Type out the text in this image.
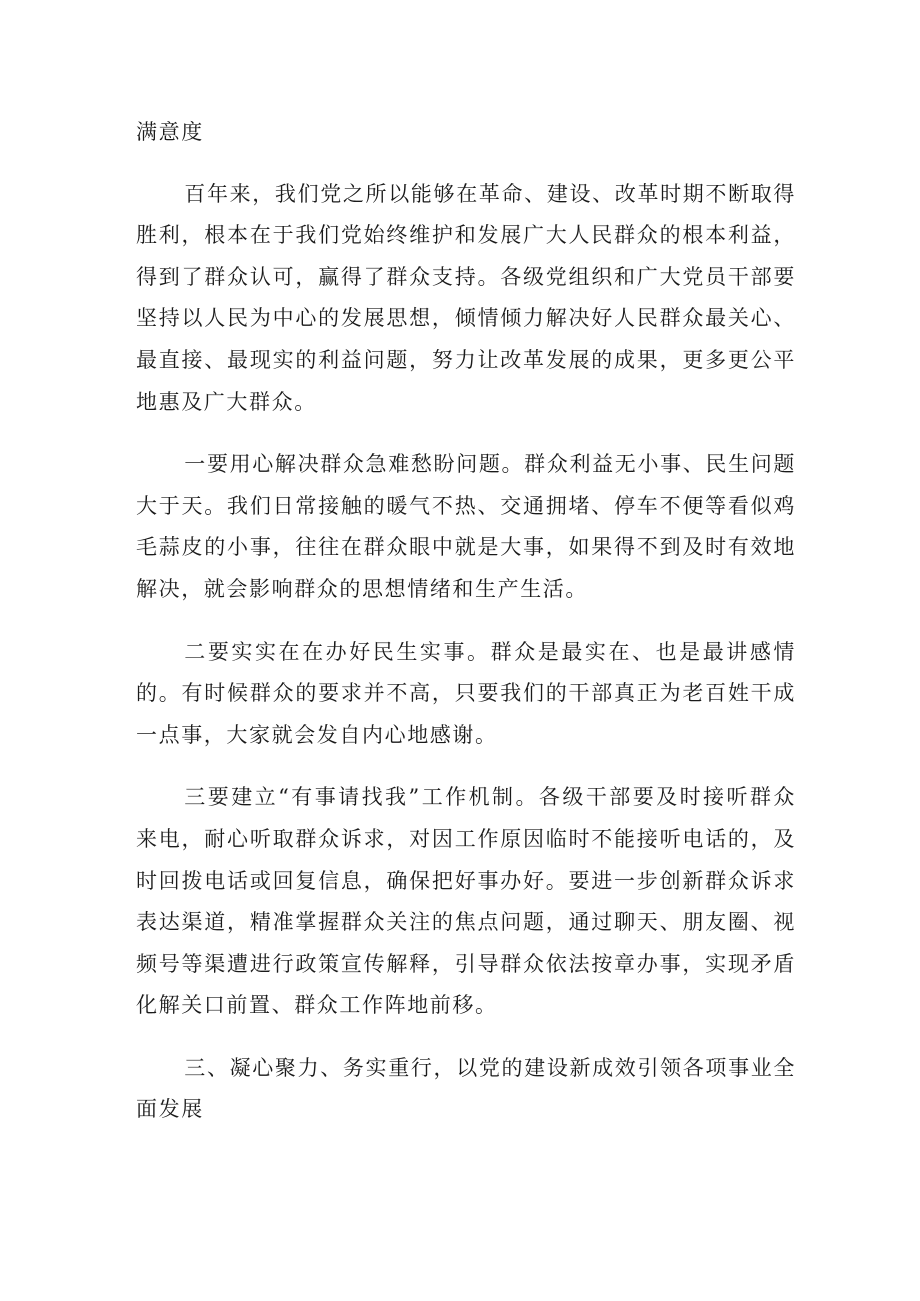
满意度

百年来，我们党之所以能够在革命、建设、改革时期不断取得胜利，根本在于我们党始终维护和发展广大人民群众的根本利益，得到了群众认可，赢得了群众支持。各级党组织和广大党员干部要坚持以人民为中心的发展思想，倾情倾力解决好人民群众最关心、最直接、最现实的利益问题，努力让改革发展的成果，更多更公平地惠及广大群众。

一要用心解决群众急难愁盼问题。群众利益无小事、民生问题大于天。我们日常接触的暖气不热、交通拥堵、停车不便等看似鸡毛蒜皮的小事，往往在群众眼中就是大事，如果得不到及时有效地解决，就会影响群众的思想情绪和生产生活。

二要实实在在办好民生实事。群众是最实在、也是最讲感情的。有时候群众的要求并不高，只要我们的干部真正为老百姓干成一点事，大家就会发自内心地感谢。

三要建立“有事请找我”工作机制。各级干部要及时接听群众来电，耐心听取群众诉求，对因工作原因临时不能接听电话的，及时回拨电话或回复信息，确保把好事办好。要进一步创新群众诉求表达渠道，精准掌握群众关注的焦点问题，通过聊天、朋友圈、视频号等渠遭进行政策宣传解释，引导群众依法按章办事，实现矛盾化解关口前置、群众工作阵地前移。

三、凝心聚力、务实重行，以党的建设新成效引领各项事业全面发展
